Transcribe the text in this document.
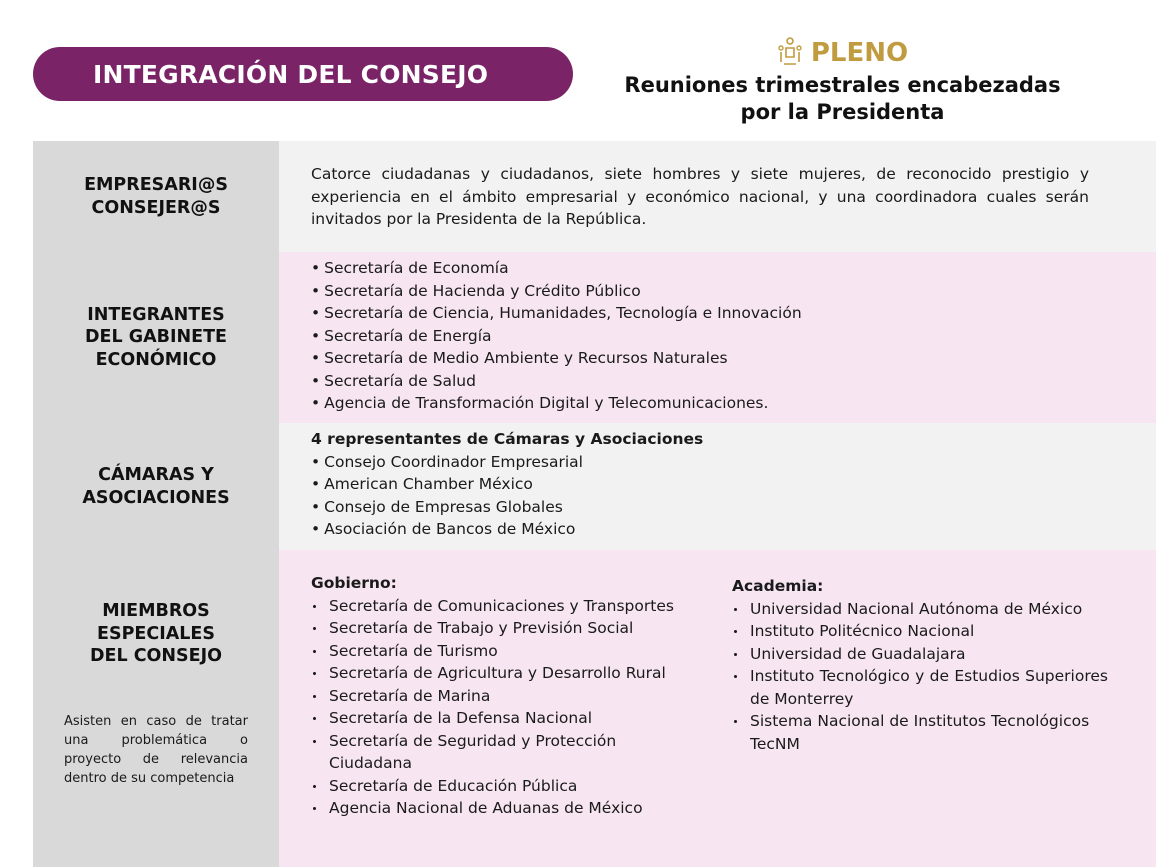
INTEGRACIÓN DEL CONSEJO
PLENO
Reuniones trimestrales encabezadas
por la Presidenta
EMPRESARI@S
CONSEJER@S
Catorce ciudadanas y ciudadanos, siete hombres y siete mujeres, de reconocido prestigio y experiencia en el ámbito empresarial y económico nacional, y una coordinadora cuales serán invitados por la Presidenta de la República.
INTEGRANTES
DEL GABINETE
ECONÓMICO
• Secretaría de Economía
• Secretaría de Hacienda y Crédito Público
• Secretaría de Ciencia, Humanidades, Tecnología e Innovación
• Secretaría de Energía
• Secretaría de Medio Ambiente y Recursos Naturales
• Secretaría de Salud
• Agencia de Transformación Digital y Telecomunicaciones.
CÁMARAS Y
ASOCIACIONES
4 representantes de Cámaras y Asociaciones
• Consejo Coordinador Empresarial
• American Chamber México
• Consejo de Empresas Globales
• Asociación de Bancos de México
MIEMBROS
ESPECIALES
DEL CONSEJO
Asisten en caso de tratar una problemática o proyecto de relevancia dentro de su competencia
Gobierno:
Secretaría de Comunicaciones y Transportes
Secretaría de Trabajo y Previsión Social
Secretaría de Turismo
Secretaría de Agricultura y Desarrollo Rural
Secretaría de Marina
Secretaría de la Defensa Nacional
Secretaría de Seguridad y Protección Ciudadana
Secretaría de Educación Pública
Agencia Nacional de Aduanas de México
Academia:
Universidad Nacional Autónoma de México
Instituto Politécnico Nacional
Universidad de Guadalajara
Instituto Tecnológico y de Estudios Superiores de Monterrey
Sistema Nacional de Institutos Tecnológicos TecNM
